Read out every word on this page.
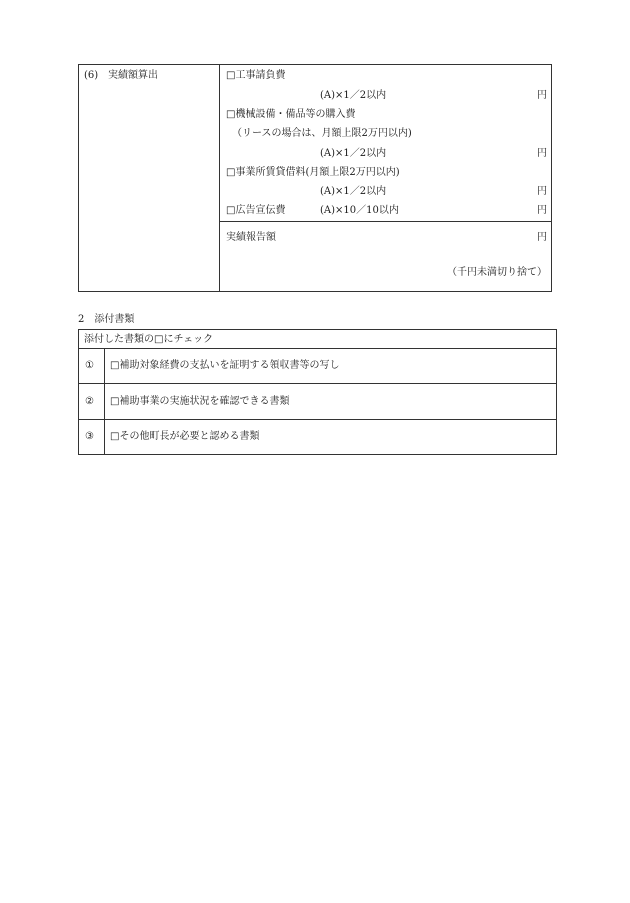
(6) 実績額算出	□工事請負費
(A)×1／2以内	円
□機械設備・備品等の購入費
（リースの場合は、月額上限2万円以内)
(A)×1／2以内	円
□事業所賃貸借料(月額上限2万円以内)
(A)×1／2以内	円
□広告宣伝費	(A)×10／10以内	円
実績報告額	円
（千円未満切り捨て）
2　添付書類
添付した書類の□にチェック
① □補助対象経費の支払いを証明する領収書等の写し
② □補助事業の実施状況を確認できる書類
③ □その他町長が必要と認める書類
